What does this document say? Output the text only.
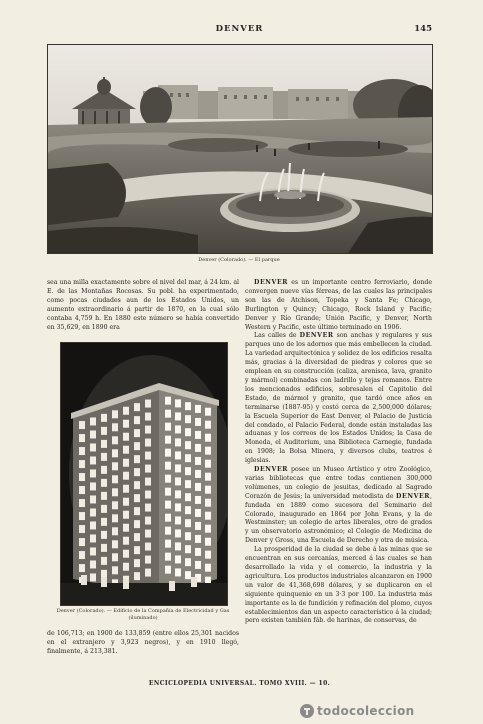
DENVER	145
Denver (Colorado). — El parque

sea una milla exactamente sobre el nivel del mar, á 24 km. al E. de las Montañas Rocosas. Su pobl. ha experimentado, como pocas ciudades aun de los Estados Unidos, un aumento extraordinario á partir de 1870, en la cual sólo contaba 4,759 h. En 1880 este número se había convertido en 35,629, en 1890 era

Denver (Colorado). — Edificio de la Compañía de Electricidad y Gas (iluminado)

de 106,713; en 1900 de 133,859 (entre ellos 25,301 nacidos en el extranjero y 3,923 negros), y en 1910 llegó, finalmente, á 213,381.

DENVER es un importante centro ferroviario, donde convergen nueve vías férreas, de las cuales las principales son las de Atchison, Topeka y Santa Fe; Chicago, Burlington y Quincy; Chicago, Rock Island y Pacific; Denver y Río Grande; Unión Pacific, y Denver, North Western y Pacific, este último terminado en 1906.

Las calles de DENVER son anchas y regulares y sus parques uno de los adornos que más embellecen la ciudad. La variedad arquitectónica y solidez de los edificios resalta más, gracias á la diversidad de piedras y colores que se emplean en su construcción (caliza, arenisca, lava, granito y mármol) combinadas con ladrillo y tejas romanos. Entre los mencionados edificios, sobresalen el Capitolio del Estado, de mármol y granito, que tardó once años en terminarse (1887-95) y costó cerca de 2,500,000 dólares; la Escuela Superior de East Denver, el Palacio de Justicia del condado, el Palacio Federal, donde están instaladas las aduanas y los correos de los Estados Unidos; la Casa de Moneda, el Auditorium, una Biblioteca Carnegie, fundada en 1908; la Bolsa Minera, y diversos clubs, teatros é iglesias.

DENVER posee un Museo Artístico y otro Zoológico, varias bibliotecas que entre todas contienen 300,000 volúmenes, un colegio de jesuitas, dedicado al Sagrado Corazón de Jesús; la universidad metodista de DENVER, fundada en 1889 como sucesora del Seminario del Colorado, inaugurado en 1864 por John Evans, y la de Westminster; un colegio de artes liberales, otro de grados y un observatorio astronómico; el Colegio de Medicina de Denver y Gross, una Escuela de Derecho y otra de música.

La prosperidad de la ciudad se debe á las minas que se encuentran en sus cercanías, merced á las cuales se han desarrollado la vida y el comercio, la industria y la agricultura. Los productos industriales alcanzaron en 1900 un valor de 41,368,698 dólares, y se duplicaron en el siguiente quinquenio en un 3·3 por 100. La industria más importante es la de fundición y refinación del plomo, cuyos establecimientos dan un aspecto característico á la ciudad; pero existen también fáb. de harinas, de conservas, de

ENCICLOPEDIA UNIVERSAL. TOMO XVIII. — 10.
todocoleccion
